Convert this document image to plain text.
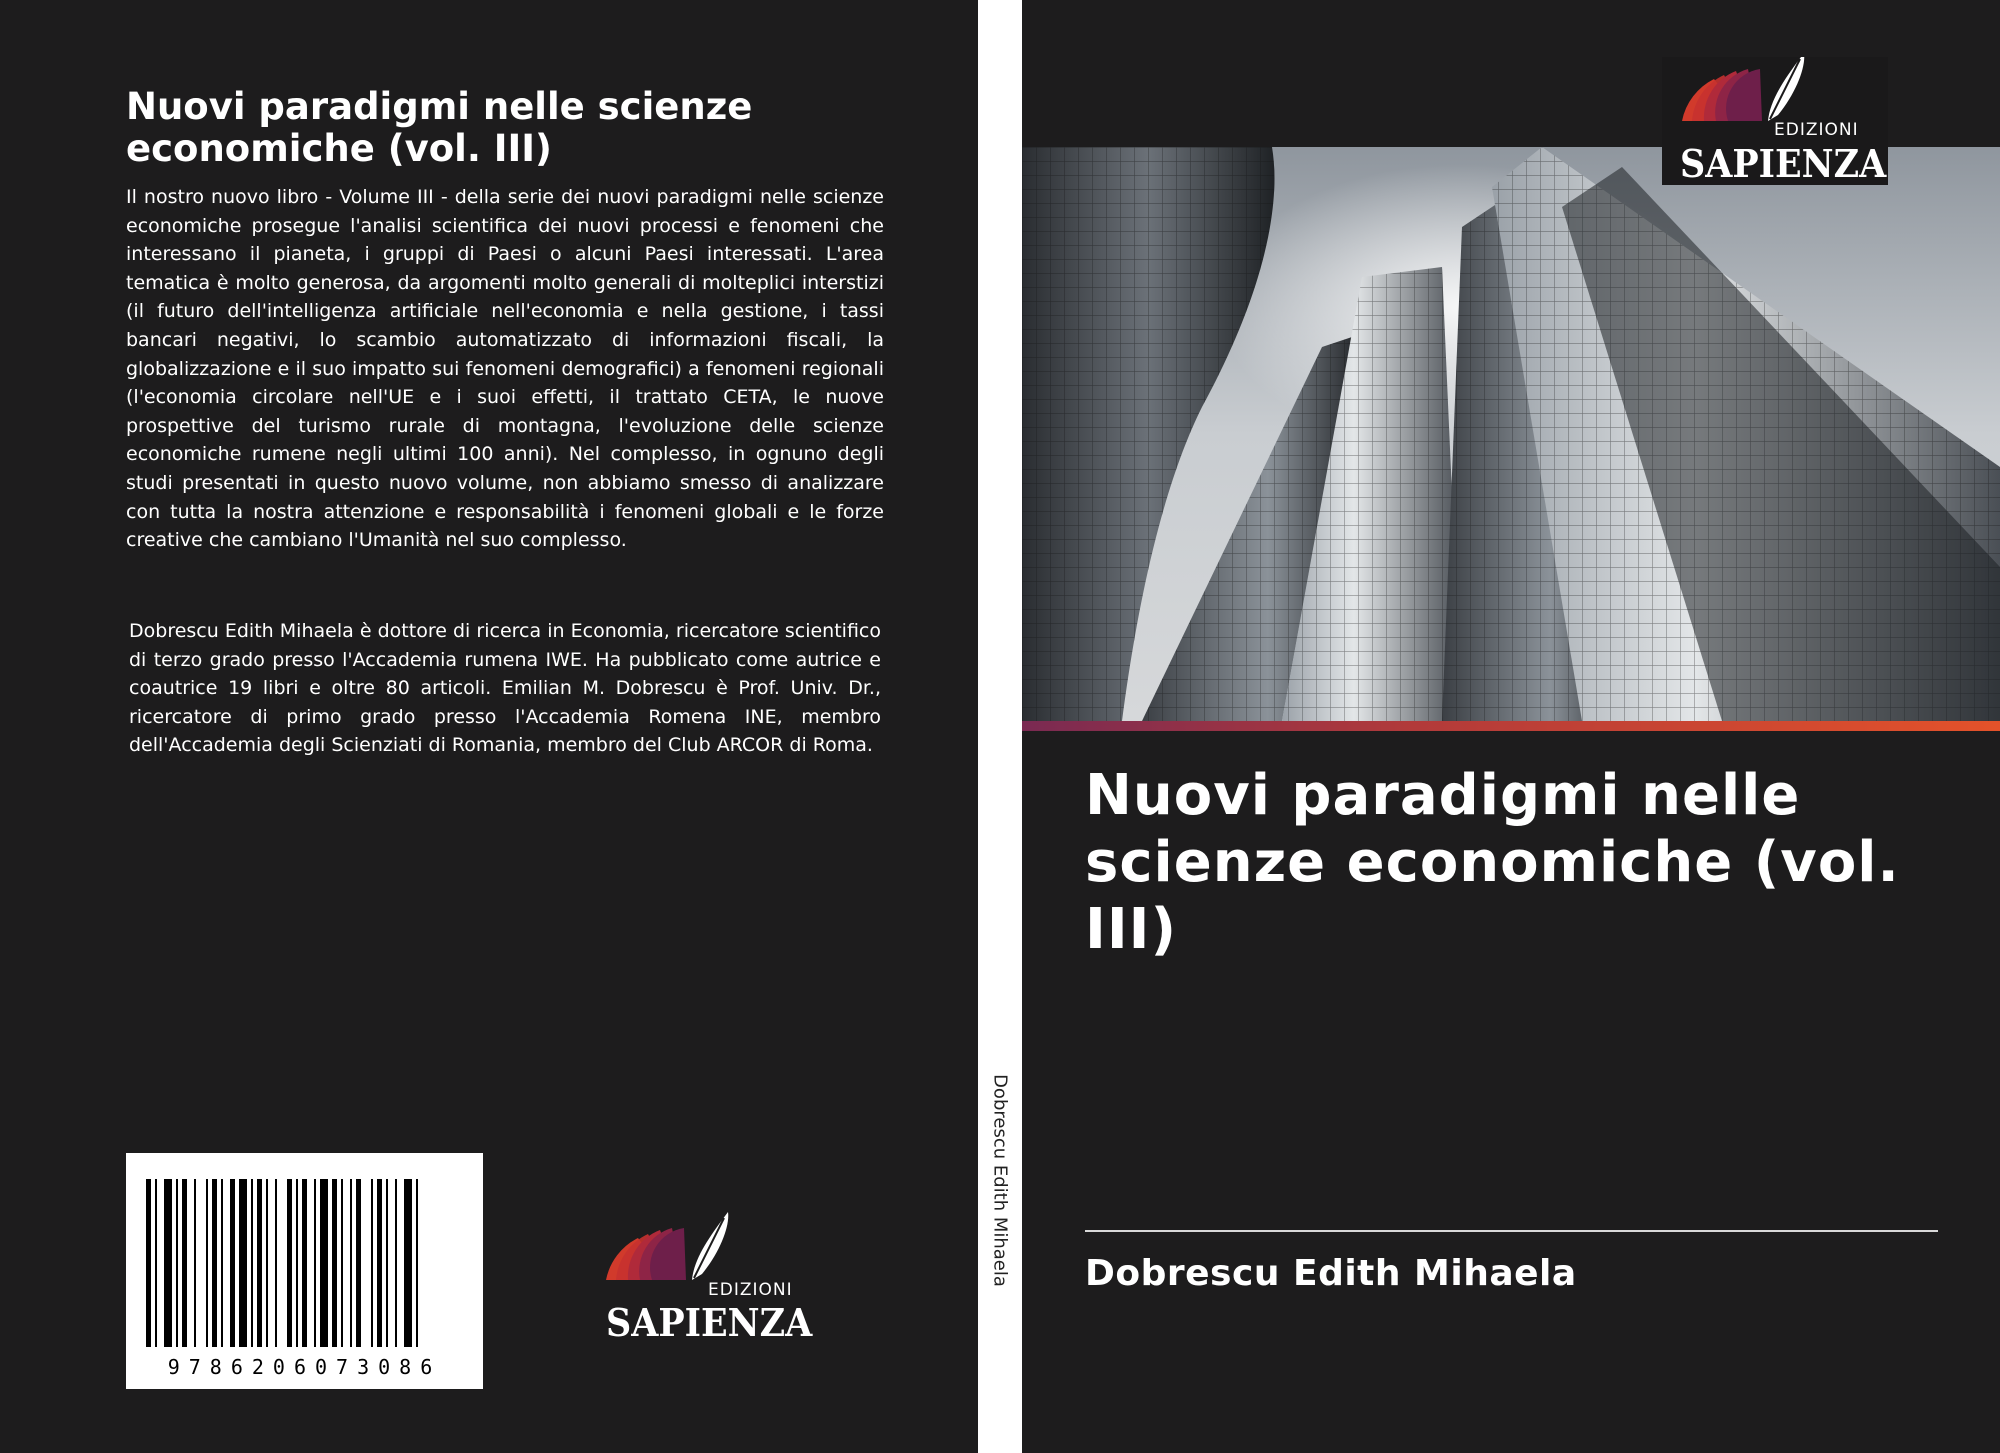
Nuovi paradigmi nelle scienze economiche (vol. III)

Il nostro nuovo libro - Volume III - della serie dei nuovi paradigmi nelle scienze economiche prosegue l'analisi scientifica dei nuovi processi e fenomeni che interessano il pianeta, i gruppi di Paesi o alcuni Paesi interessati. L'area tematica è molto generosa, da argomenti molto generali di molteplici interstizi (il futuro dell'intelligenza artificiale nell'economia e nella gestione, i tassi bancari negativi, lo scambio automatizzato di informazioni fiscali, la globalizzazione e il suo impatto sui fenomeni demografici) a fenomeni regionali (l'economia circolare nell'UE e i suoi effetti, il trattato CETA, le nuove prospettive del turismo rurale di montagna, l'evoluzione delle scienze economiche rumene negli ultimi 100 anni). Nel complesso, in ognuno degli studi presentati in questo nuovo volume, non abbiamo smesso di analizzare con tutta la nostra attenzione e responsabilità i fenomeni globali e le forze creative che cambiano l'Umanità nel suo complesso.

Dobrescu Edith Mihaela è dottore di ricerca in Economia, ricercatore scientifico di terzo grado presso l'Accademia rumena IWE. Ha pubblicato come autrice e coautrice 19 libri e oltre 80 articoli. Emilian M. Dobrescu è Prof. Univ. Dr., ricercatore di primo grado presso l'Accademia Romena INE, membro dell'Accademia degli Scienziati di Romania, membro del Club ARCOR di Roma.

9786206073086
EDIZIONI
SAPIENZA
Dobrescu Edith Mihaela
EDIZIONI
SAPIENZA
Nuovi paradigmi nelle scienze economiche (vol. III)

Dobrescu Edith Mihaela
